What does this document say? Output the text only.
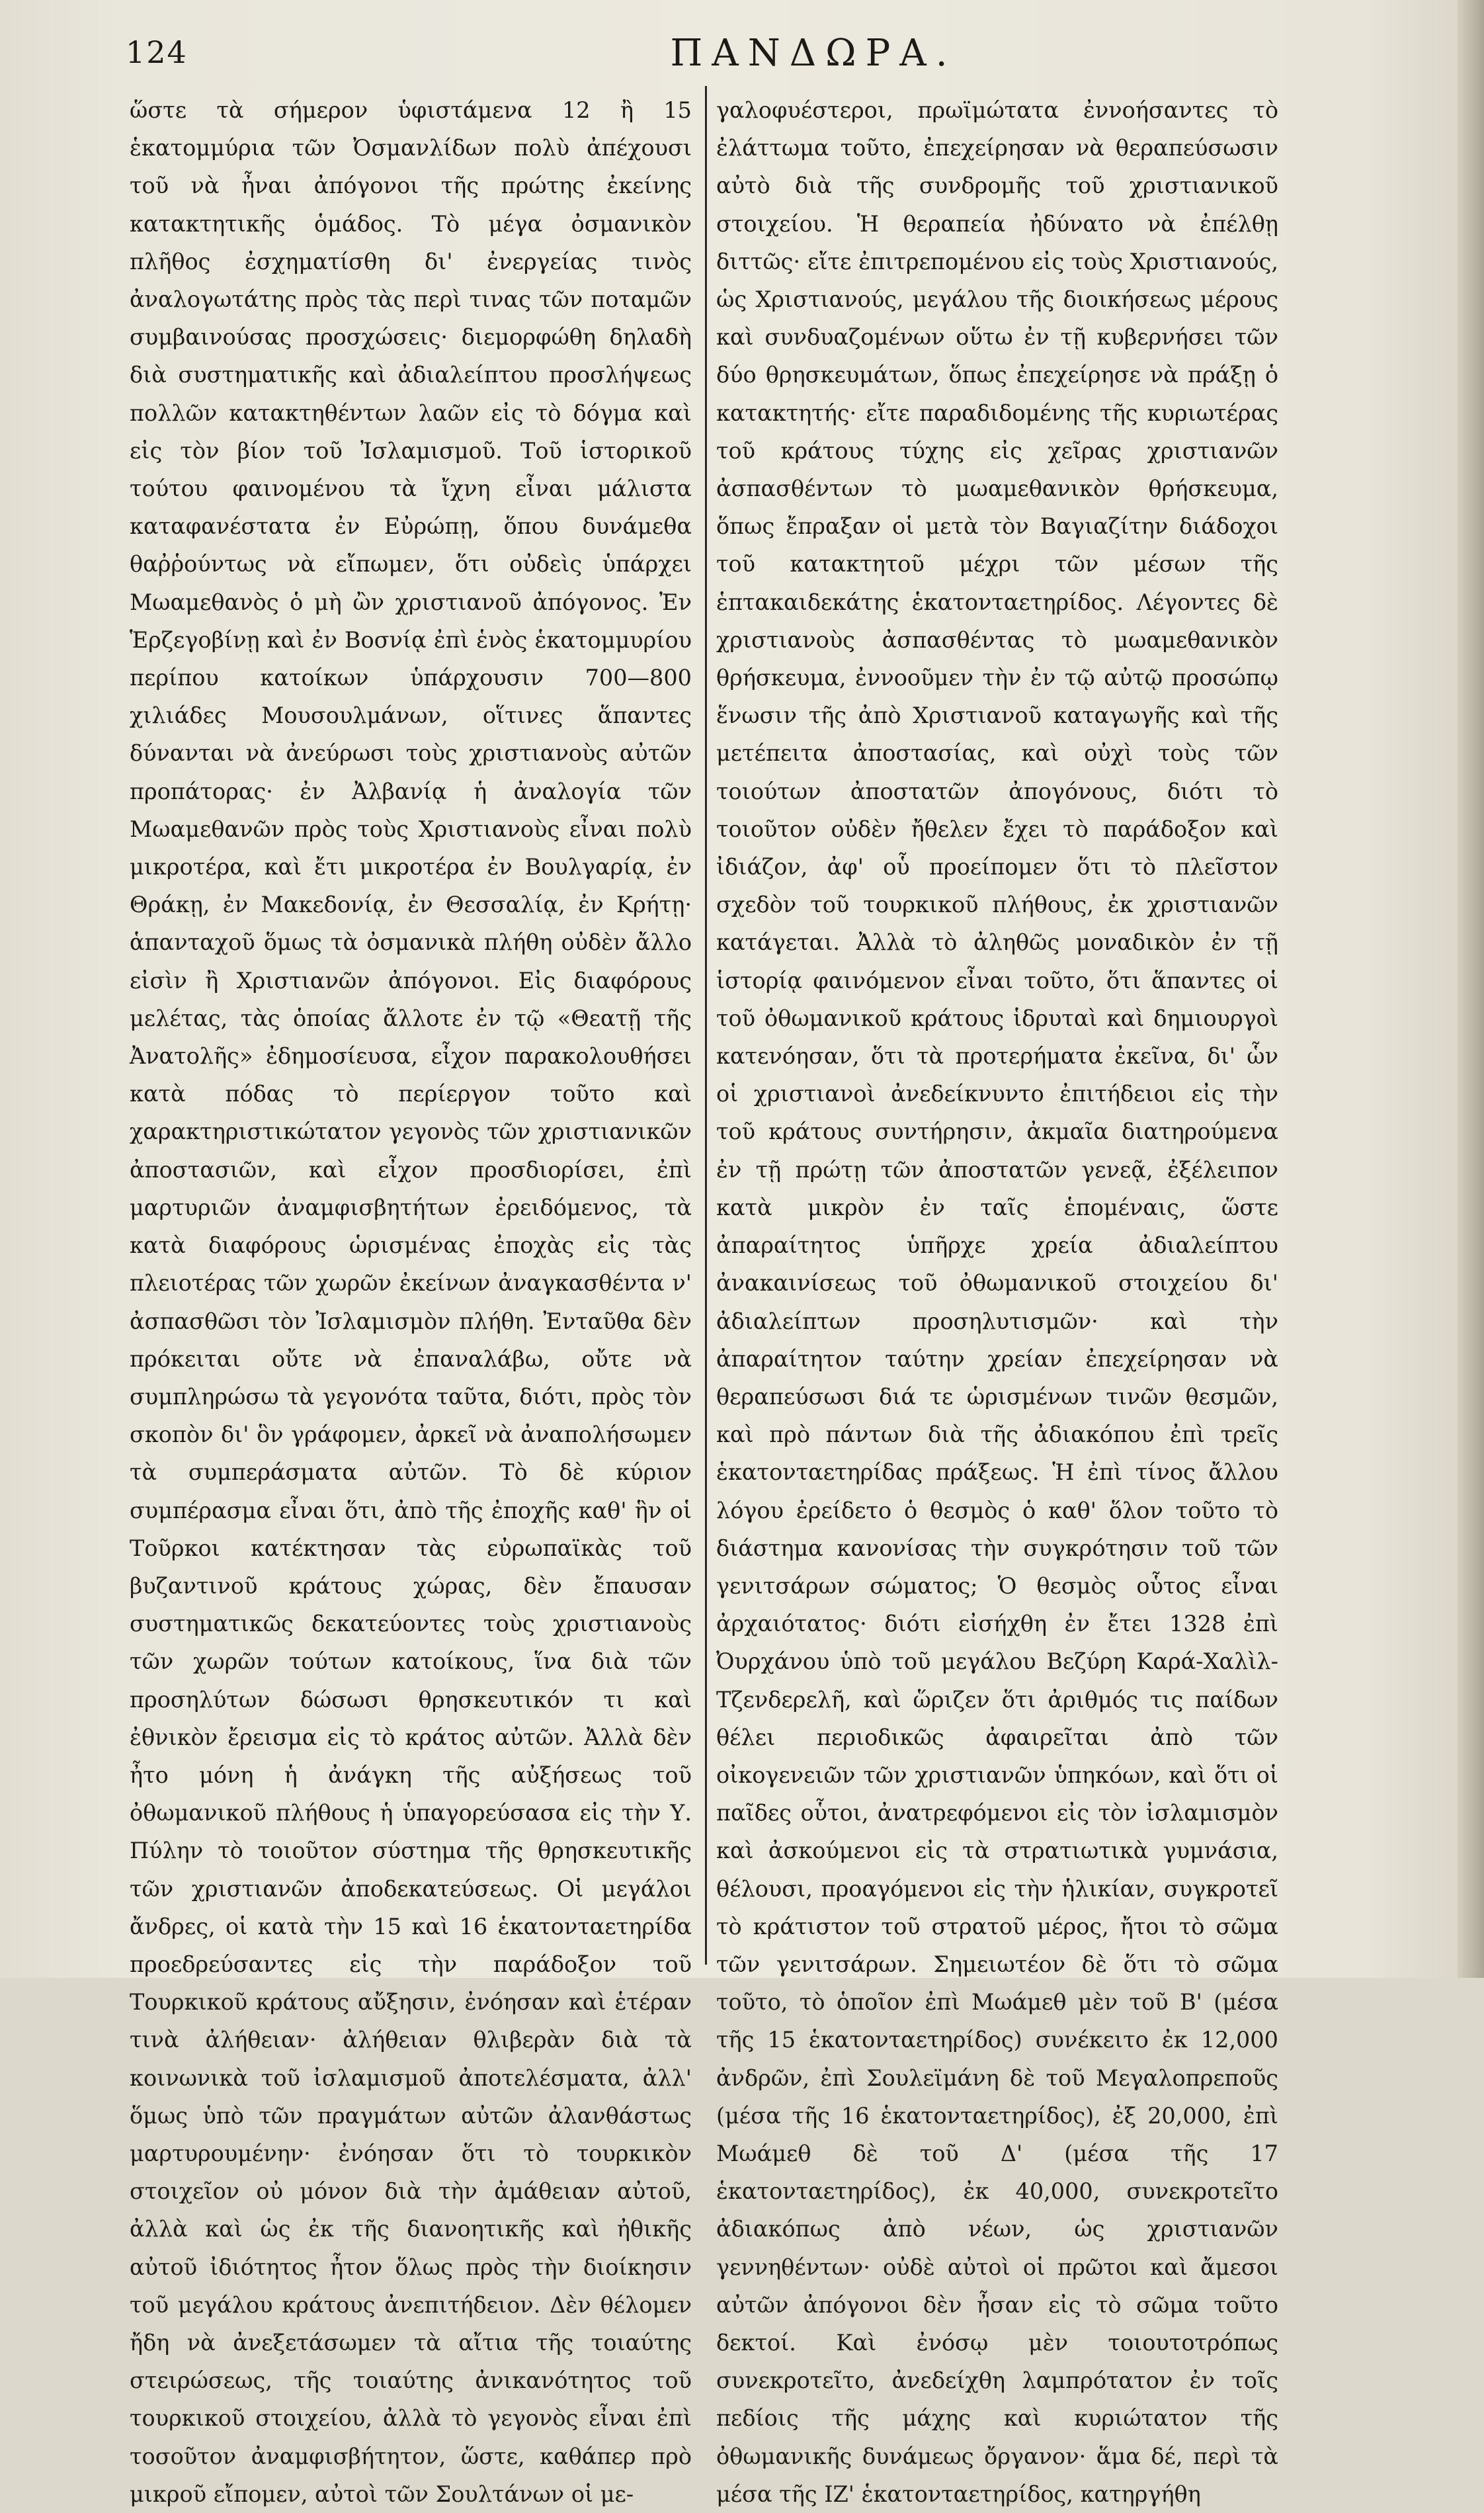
124	ΠΑΝΔΩΡΑ.

ὥστε τὰ σήμερον ὑφιστάμενα 12 ἢ 15 ἑκατομμύρια τῶν Ὀσμανλίδων πολὺ ἀπέχουσι τοῦ νὰ ἦναι ἀπόγονοι τῆς πρώτης ἐκείνης κατακτητικῆς ὁμάδος. Τὸ μέγα ὀσμανικὸν πλῆθος ἐσχηματίσθη δι' ἐνεργείας τινὸς ἀναλογωτάτης πρὸς τὰς περὶ τινας τῶν ποταμῶν συμβαινούσας προσχώσεις· διεμορφώθη δηλαδὴ διὰ συστηματικῆς καὶ ἀδιαλείπτου προσλήψεως πολλῶν κατακτηθέντων λαῶν εἰς τὸ δόγμα καὶ εἰς τὸν βίον τοῦ Ἰσλαμισμοῦ. Τοῦ ἱστορικοῦ τούτου φαινομένου τὰ ἴχνη εἶναι μάλιστα καταφανέστατα ἐν Εὐρώπῃ, ὅπου δυνάμεθα θαῤῥούντως νὰ εἴπωμεν, ὅτι οὐδεὶς ὑπάρχει Μωαμεθανὸς ὁ μὴ ὢν χριστιανοῦ ἀπόγονος. Ἐν Ἑρζεγοβίνῃ καὶ ἐν Βοσνίᾳ ἐπὶ ἑνὸς ἑκατομμυρίου περίπου κατοίκων ὑπάρχουσιν 700—800 χιλιάδες Μουσουλμάνων, οἵτινες ἅπαντες δύνανται νὰ ἀνεύρωσι τοὺς χριστιανοὺς αὐτῶν προπάτορας· ἐν Ἀλβανίᾳ ἡ ἀναλογία τῶν Μωαμεθανῶν πρὸς τοὺς Χριστιανοὺς εἶναι πολὺ μικροτέρα, καὶ ἔτι μικροτέρα ἐν Βουλγαρίᾳ, ἐν Θράκῃ, ἐν Μακεδονίᾳ, ἐν Θεσσαλίᾳ, ἐν Κρήτῃ· ἁπανταχοῦ ὅμως τὰ ὀσμανικὰ πλήθη οὐδὲν ἄλλο εἰσὶν ἢ Χριστιανῶν ἀπόγονοι. Εἰς διαφόρους μελέτας, τὰς ὁποίας ἄλλοτε ἐν τῷ «Θεατῇ τῆς Ἀνατολῆς» ἐδημοσίευσα, εἶχον παρακολουθήσει κατὰ πόδας τὸ περίεργον τοῦτο καὶ χαρακτηριστικώτατον γεγονὸς τῶν χριστιανικῶν ἀποστασιῶν, καὶ εἶχον προσδιορίσει, ἐπὶ μαρτυριῶν ἀναμφισβητήτων ἐρειδόμενος, τὰ κατὰ διαφόρους ὡρισμένας ἐποχὰς εἰς τὰς πλειοτέρας τῶν χωρῶν ἐκείνων ἀναγκασθέντα ν' ἀσπασθῶσι τὸν Ἰσλαμισμὸν πλήθη. Ἐνταῦθα δὲν πρόκειται οὔτε νὰ ἐπαναλάβω, οὔτε νὰ συμπληρώσω τὰ γεγονότα ταῦτα, διότι, πρὸς τὸν σκοπὸν δι' ὃν γράφομεν, ἀρκεῖ νὰ ἀναπολήσωμεν τὰ συμπεράσματα αὐτῶν. Τὸ δὲ κύριον συμπέρασμα εἶναι ὅτι, ἀπὸ τῆς ἐποχῆς καθ' ἣν οἱ Τοῦρκοι κατέκτησαν τὰς εὐρωπαϊκὰς τοῦ βυζαντινοῦ κράτους χώρας, δὲν ἔπαυσαν συστηματικῶς δεκατεύοντες τοὺς χριστιανοὺς τῶν χωρῶν τούτων κατοίκους, ἵνα διὰ τῶν προσηλύτων δώσωσι θρησκευτικόν τι καὶ ἐθνικὸν ἔρεισμα εἰς τὸ κράτος αὐτῶν. Ἀλλὰ δὲν ἦτο μόνη ἡ ἀνάγκη τῆς αὐξήσεως τοῦ ὀθωμανικοῦ πλήθους ἡ ὑπαγορεύσασα εἰς τὴν Υ. Πύλην τὸ τοιοῦτον σύστημα τῆς θρησκευτικῆς τῶν χριστιανῶν ἀποδεκατεύσεως. Οἱ μεγάλοι ἄνδρες, οἱ κατὰ τὴν 15 καὶ 16 ἑκατονταετηρίδα προεδρεύσαντες εἰς τὴν παράδοξον τοῦ Τουρκικοῦ κράτους αὔξησιν, ἐνόησαν καὶ ἑτέραν τινὰ ἀλήθειαν· ἀλήθειαν θλιβερὰν διὰ τὰ κοινωνικὰ τοῦ ἰσλαμισμοῦ ἀποτελέσματα, ἀλλ' ὅμως ὑπὸ τῶν πραγμάτων αὐτῶν ἀλανθάστως μαρτυρουμένην· ἐνόησαν ὅτι τὸ τουρκικὸν στοιχεῖον οὐ μόνον διὰ τὴν ἀμάθειαν αὐτοῦ, ἀλλὰ καὶ ὡς ἐκ τῆς διανοητικῆς καὶ ἠθικῆς αὐτοῦ ἰδιότητος ἦτον ὅλως πρὸς τὴν διοίκησιν τοῦ μεγάλου κράτους ἀνεπιτήδειον. Δὲν θέλομεν ἤδη νὰ ἀνεξετάσωμεν τὰ αἴτια τῆς τοιαύτης στειρώσεως, τῆς τοιαύτης ἀνικανότητος τοῦ τουρκικοῦ στοιχείου, ἀλλὰ τὸ γεγονὸς εἶναι ἐπὶ τοσοῦτον ἀναμφισβήτητον, ὥστε, καθάπερ πρὸ μικροῦ εἴπομεν, αὐτοὶ τῶν Σουλτάνων οἱ με-

γαλοφυέστεροι, πρωϊμώτατα ἐννοήσαντες τὸ ἐλάττωμα τοῦτο, ἐπεχείρησαν νὰ θεραπεύσωσιν αὐτὸ διὰ τῆς συνδρομῆς τοῦ χριστιανικοῦ στοιχείου. Ἡ θεραπεία ἠδύνατο νὰ ἐπέλθῃ διττῶς· εἴτε ἐπιτρεπομένου εἰς τοὺς Χριστιανούς, ὡς Χριστιανούς, μεγάλου τῆς διοικήσεως μέρους καὶ συνδυαζομένων οὕτω ἐν τῇ κυβερνήσει τῶν δύο θρησκευμάτων, ὅπως ἐπεχείρησε νὰ πράξῃ ὁ κατακτητής· εἴτε παραδιδομένης τῆς κυριωτέρας τοῦ κράτους τύχης εἰς χεῖρας χριστιανῶν ἀσπασθέντων τὸ μωαμεθανικὸν θρήσκευμα, ὅπως ἔπραξαν οἱ μετὰ τὸν Βαγιαζίτην διάδοχοι τοῦ κατακτητοῦ μέχρι τῶν μέσων τῆς ἑπτακαιδεκάτης ἑκατονταετηρίδος. Λέγοντες δὲ χριστιανοὺς ἀσπασθέντας τὸ μωαμεθανικὸν θρήσκευμα, ἐννοοῦμεν τὴν ἐν τῷ αὐτῷ προσώπῳ ἕνωσιν τῆς ἀπὸ Χριστιανοῦ καταγωγῆς καὶ τῆς μετέπειτα ἀποστασίας, καὶ οὐχὶ τοὺς τῶν τοιούτων ἀποστατῶν ἀπογόνους, διότι τὸ τοιοῦτον οὐδὲν ἤθελεν ἔχει τὸ παράδοξον καὶ ἰδιάζον, ἀφ' οὗ προείπομεν ὅτι τὸ πλεῖστον σχεδὸν τοῦ τουρκικοῦ πλήθους, ἐκ χριστιανῶν κατάγεται. Ἀλλὰ τὸ ἀληθῶς μοναδικὸν ἐν τῇ ἱστορίᾳ φαινόμενον εἶναι τοῦτο, ὅτι ἅπαντες οἱ τοῦ ὀθωμανικοῦ κράτους ἱδρυταὶ καὶ δημιουργοὶ κατενόησαν, ὅτι τὰ προτερήματα ἐκεῖνα, δι' ὧν οἱ χριστιανοὶ ἀνεδείκνυντο ἐπιτήδειοι εἰς τὴν τοῦ κράτους συντήρησιν, ἀκμαῖα διατηρούμενα ἐν τῇ πρώτῃ τῶν ἀποστατῶν γενεᾷ, ἐξέλειπον κατὰ μικρὸν ἐν ταῖς ἑπομέναις, ὥστε ἀπαραίτητος ὑπῆρχε χρεία ἀδιαλείπτου ἀνακαινίσεως τοῦ ὀθωμανικοῦ στοιχείου δι' ἀδιαλείπτων προσηλυτισμῶν· καὶ τὴν ἀπαραίτητον ταύτην χρείαν ἐπεχείρησαν νὰ θεραπεύσωσι διά τε ὡρισμένων τινῶν θεσμῶν, καὶ πρὸ πάντων διὰ τῆς ἀδιακόπου ἐπὶ τρεῖς ἑκατονταετηρίδας πράξεως. Ἡ ἐπὶ τίνος ἄλλου λόγου ἐρείδετο ὁ θεσμὸς ὁ καθ' ὅλον τοῦτο τὸ διάστημα κανονίσας τὴν συγκρότησιν τοῦ τῶν γενιτσάρων σώματος; Ὁ θεσμὸς οὗτος εἶναι ἀρχαιότατος· διότι εἰσήχθη ἐν ἔτει 1328 ἐπὶ Ὀυρχάνου ὑπὸ τοῦ μεγάλου Βεζύρη Καρά-Χαλὶλ-Τζενδερελῆ, καὶ ὥριζεν ὅτι ἀριθμός τις παίδων θέλει περιοδικῶς ἀφαιρεῖται ἀπὸ τῶν οἰκογενειῶν τῶν χριστιανῶν ὑπηκόων, καὶ ὅτι οἱ παῖδες οὗτοι, ἀνατρεφόμενοι εἰς τὸν ἰσλαμισμὸν καὶ ἀσκούμενοι εἰς τὰ στρατιωτικὰ γυμνάσια, θέλουσι, προαγόμενοι εἰς τὴν ἡλικίαν, συγκροτεῖ τὸ κράτιστον τοῦ στρατοῦ μέρος, ἤτοι τὸ σῶμα τῶν γενιτσάρων. Σημειωτέον δὲ ὅτι τὸ σῶμα τοῦτο, τὸ ὁποῖον ἐπὶ Μωάμεθ μὲν τοῦ Β' (μέσα τῆς 15 ἑκατονταετηρίδος) συνέκειτο ἐκ 12,000 ἀνδρῶν, ἐπὶ Σουλεϊμάνη δὲ τοῦ Μεγαλοπρεποῦς (μέσα τῆς 16 ἑκατονταετηρίδος), ἐξ 20,000, ἐπὶ Μωάμεθ δὲ τοῦ Δ' (μέσα τῆς 17 ἑκατονταετηρίδος), ἐκ 40,000, συνεκροτεῖτο ἀδιακόπως ἀπὸ νέων, ὡς χριστιανῶν γεννηθέντων· οὐδὲ αὐτοὶ οἱ πρῶτοι καὶ ἄμεσοι αὐτῶν ἀπόγονοι δὲν ἦσαν εἰς τὸ σῶμα τοῦτο δεκτοί. Καὶ ἐνόσῳ μὲν τοιουτοτρόπως συνεκροτεῖτο, ἀνεδείχθη λαμπρότατον ἐν τοῖς πεδίοις τῆς μάχης καὶ κυριώτατον τῆς ὀθωμανικῆς δυνάμεως ὄργανον· ἅμα δέ, περὶ τὰ μέσα τῆς ΙΖ' ἑκατονταετηρίδος, κατηργήθη
